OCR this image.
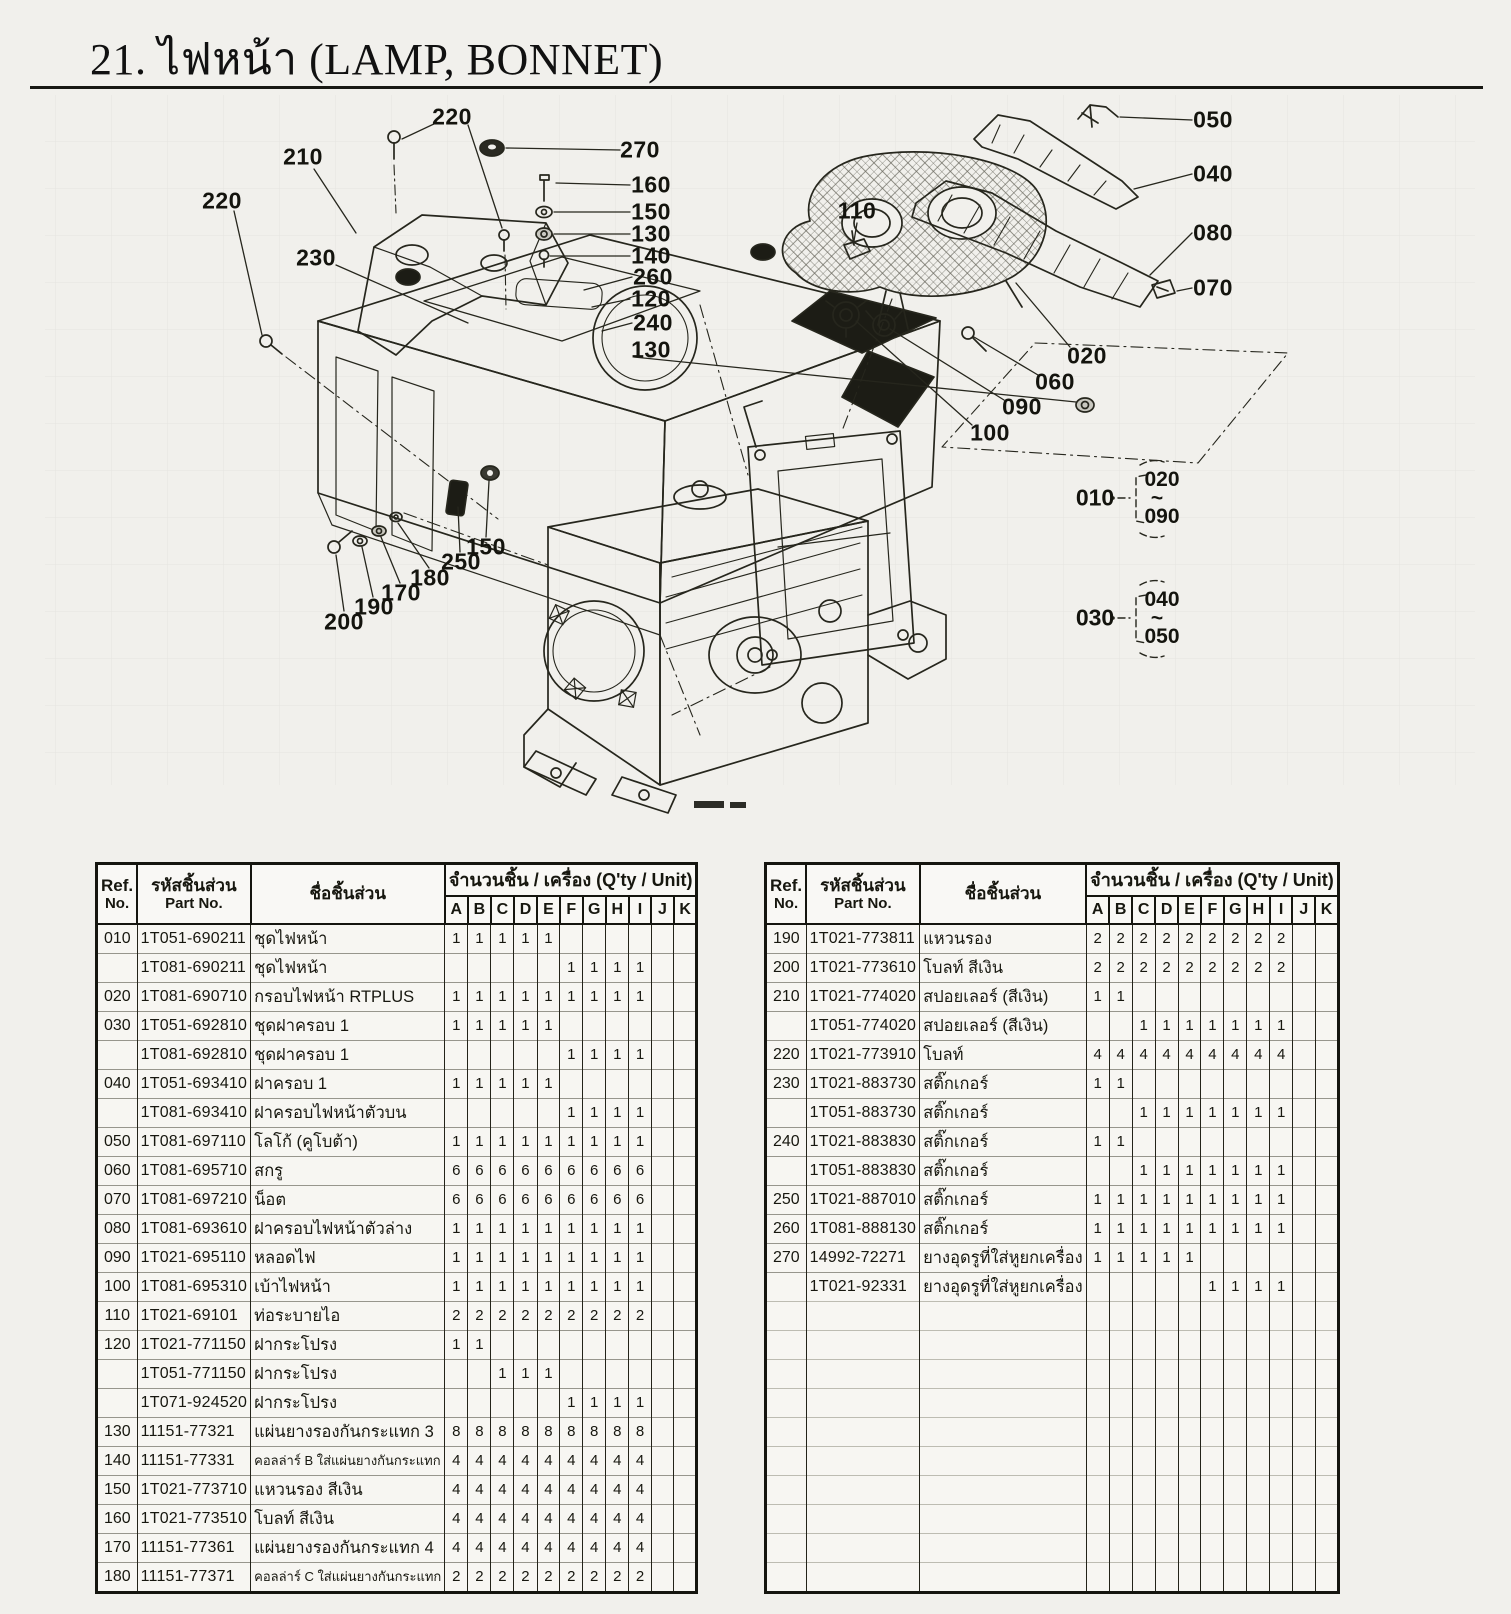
21. ไฟหน้า (LAMP, BONNET)
220
270
210
160
150
130
220
140
230
260
120
240
130
110
050
040
080
070
020
060
090
100
150
250
180
170
190
200
010
020
~
090
030
040
~
050
Ref.
No.

รหัสชิ้นส่วน
Part No.
	ชื่อชิ้นส่วน	จำนวนชิ้น / เครื่อง (Q'ty / Unit)
			A	B	C	D	E	F	G	H	I	J	K
010	1T051-690211	ชุดไฟหน้า	1	1	1	1	1						
	1T081-690211	ชุดไฟหน้า						1	1	1	1		
020	1T081-690710	กรอบไฟหน้า RTPLUS	1	1	1	1	1	1	1	1	1		
030	1T051-692810	ชุดฝาครอบ 1	1	1	1	1	1						
	1T081-692810	ชุดฝาครอบ 1						1	1	1	1		
040	1T051-693410	ฝาครอบ 1	1	1	1	1	1						
	1T081-693410	ฝาครอบไฟหน้าตัวบน						1	1	1	1		
050	1T081-697110	โลโก้ (คูโบต้า)	1	1	1	1	1	1	1	1	1		
060	1T081-695710	สกรู	6	6	6	6	6	6	6	6	6		
070	1T081-697210	น็อต	6	6	6	6	6	6	6	6	6		
080	1T081-693610	ฝาครอบไฟหน้าตัวล่าง	1	1	1	1	1	1	1	1	1		
090	1T021-695110	หลอดไฟ	1	1	1	1	1	1	1	1	1		
100	1T081-695310	เบ้าไฟหน้า	1	1	1	1	1	1	1	1	1		
110	1T021-69101	ท่อระบายไอ	2	2	2	2	2	2	2	2	2		
120	1T021-771150	ฝากระโปรง	1	1									
	1T051-771150	ฝากระโปรง			1	1	1						
	1T071-924520	ฝากระโปรง						1	1	1	1		
130	11151-77321	แผ่นยางรองกันกระแทก 3	8	8	8	8	8	8	8	8	8		
140	11151-77331	คอลล่าร์ B ใส่แผ่นยางกันกระแทก	4	4	4	4	4	4	4	4	4		
150	1T021-773710	แหวนรอง สีเงิน	4	4	4	4	4	4	4	4	4		
160	1T021-773510	โบลท์ สีเงิน	4	4	4	4	4	4	4	4	4		
170	11151-77361	แผ่นยางรองกันกระแทก 4	4	4	4	4	4	4	4	4	4		
180	11151-77371	คอลล่าร์ C ใส่แผ่นยางกันกระแทก	2	2	2	2	2	2	2	2	2		
Ref.
No.

รหัสชิ้นส่วน
Part No.
	ชื่อชิ้นส่วน	จำนวนชิ้น / เครื่อง (Q'ty / Unit)
			A	B	C	D	E	F	G	H	I	J	K
190	1T021-773811	แหวนรอง	2	2	2	2	2	2	2	2	2		
200	1T021-773610	โบลท์ สีเงิน	2	2	2	2	2	2	2	2	2		
210	1T021-774020	สปอยเลอร์ (สีเงิน)	1	1									
	1T051-774020	สปอยเลอร์ (สีเงิน)			1	1	1	1	1	1	1		
220	1T021-773910	โบลท์	4	4	4	4	4	4	4	4	4		
230	1T021-883730	สติ๊กเกอร์	1	1									
	1T051-883730	สติ๊กเกอร์			1	1	1	1	1	1	1		
240	1T021-883830	สติ๊กเกอร์	1	1									
	1T051-883830	สติ๊กเกอร์			1	1	1	1	1	1	1		
250	1T021-887010	สติ๊กเกอร์	1	1	1	1	1	1	1	1	1		
260	1T081-888130	สติ๊กเกอร์	1	1	1	1	1	1	1	1	1		
270	14992-72271	ยางอุดรูที่ใส่หูยกเครื่อง	1	1	1	1	1						
	1T021-92331	ยางอุดรูที่ใส่หูยกเครื่อง						1	1	1	1		
